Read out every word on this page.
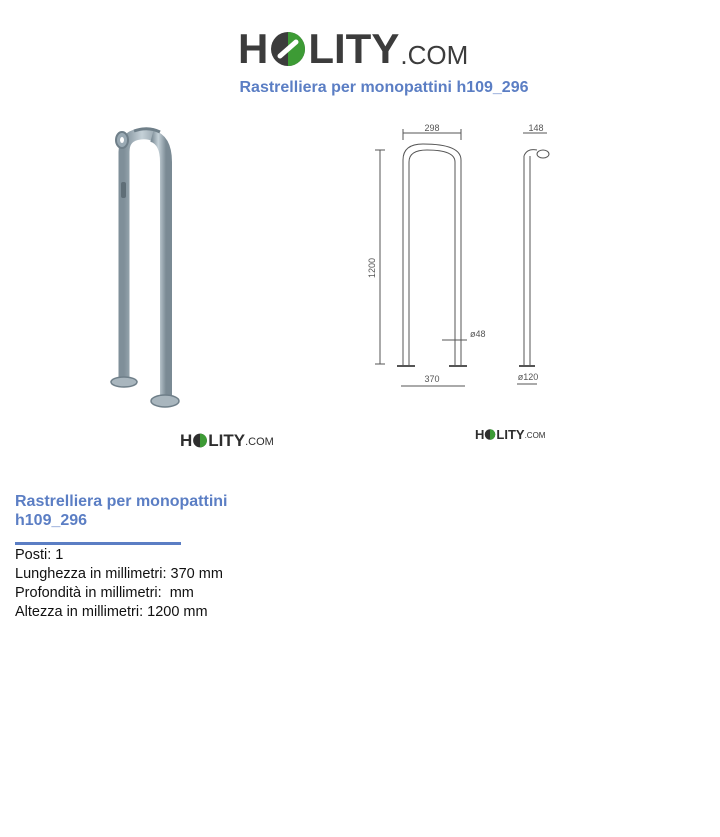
H LITY .COM
Rastrelliera per monopattini h109_296
H LITY .COM
298	148
1200
ø48
370	ø120
H LITY .COM
Rastrelliera per monopattini h109_296
Posti: 1
Lunghezza in millimetri: 370 mm
Profondità in millimetri:  mm
Altezza in millimetri: 1200 mm
